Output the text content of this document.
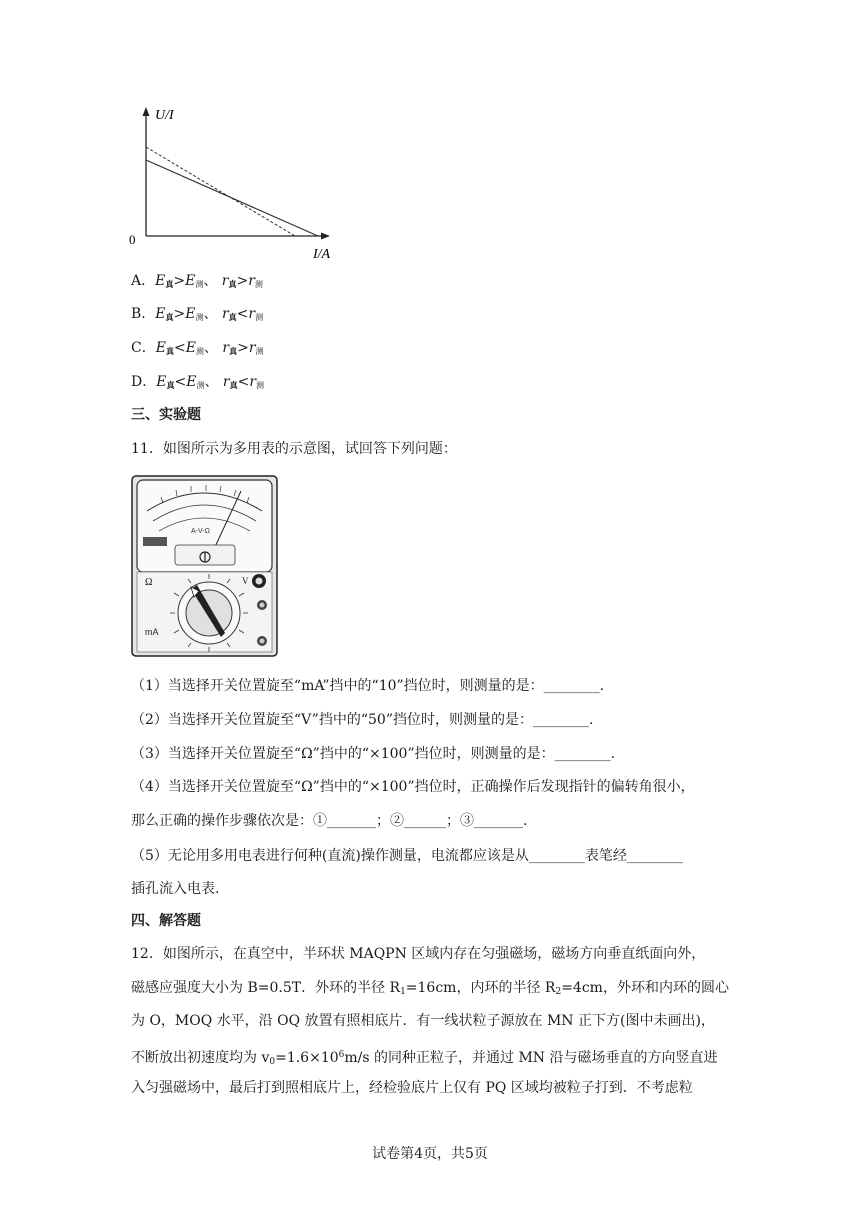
U/I
I/A
0
A．$E_真>E$测、 $r_真>r$测
B．$E_真>E$测、 $r_真<r$测
C．$E_真<E$测、 $r_真>r$测
D．$E_真<E$测、 $r_真<r$测
三、实验题
11．如图所示为多用表的示意图，试回答下列问题：
A-V-Ω
Ω	V
mA
（1）当选择开关位置旋至“mA”挡中的“10”挡位时，则测量的是：________.
（2）当选择开关位置旋至“V”挡中的“50”挡位时，则测量的是：________.
（3）当选择开关位置旋至“Ω”挡中的“×100”挡位时，则测量的是：________.
（4）当选择开关位置旋至“Ω”挡中的“×100”挡位时，正确操作后发现指针的偏转角很小，
那么正确的操作步骤依次是：①_______；②______；③_______.
（5）无论用多用电表进行何种(直流)操作测量，电流都应该是从________表笔经________
插孔流入电表.
四、解答题
12．如图所示，在真空中，半环状 MAQPN 区域内存在匀强磁场，磁场方向垂直纸面向外，
磁感应强度大小为 B=0.5T．外环的半径 R1=16cm，内环的半径 R2=4cm，外环和内环的圆心
为 O，MOQ 水平，沿 OQ 放置有照相底片．有一线状粒子源放在 MN 正下方(图中未画出)，
不断放出初速度均为 $v0=1.6\times 10^6m/s$ 的同种正粒子，并通过 MN 沿与磁场垂直的方向竖直进
入匀强磁场中，最后打到照相底片上，经检验底片上仅有 PQ 区域均被粒子打到．不考虑粒
试卷第4页，共5页
